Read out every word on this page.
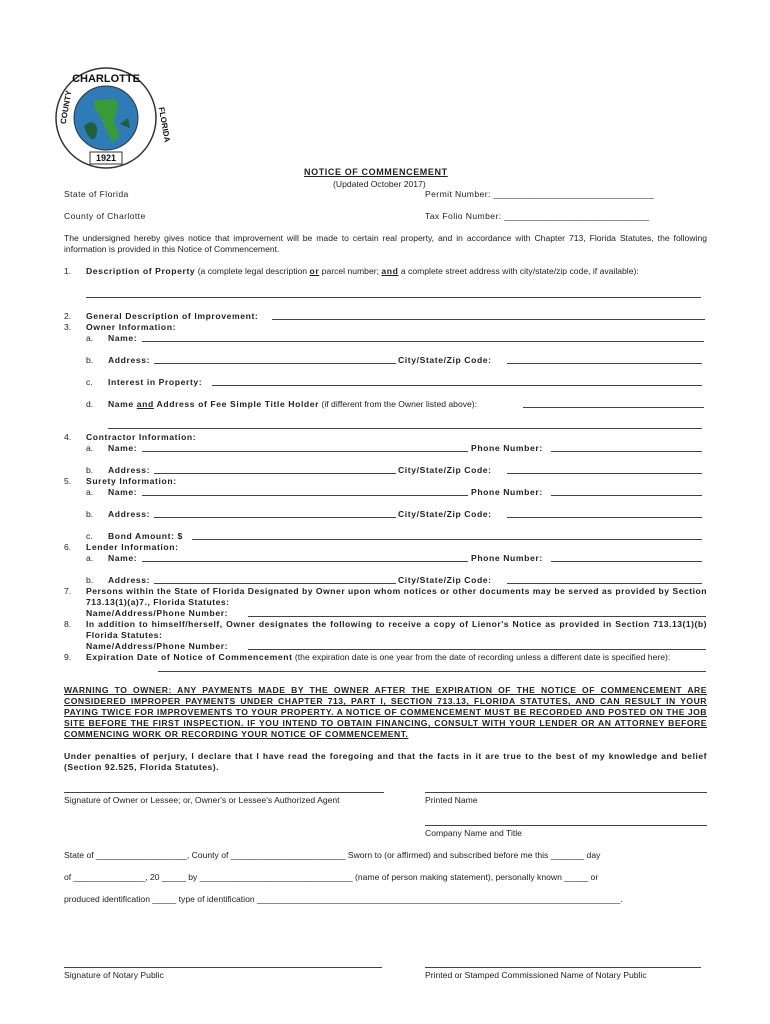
CHARLOTTE
COUNTY	FLORIDA
1921
NOTICE OF COMMENCEMENT
(Updated October 2017)
State of Florida	Permit Number: _______________________________
County of Charlotte	Tax Folio Number: ____________________________
The undersigned hereby gives notice that improvement will be made to certain real property, and in accordance with Chapter 713, Florida Statutes, the following information is provided in this Notice of Commencement.
1. Description of Property (a complete legal description or parcel number; and a complete street address with city/state/zip code, if available):
2. General Description of Improvement:
3. Owner Information:
a. Name:
b. Address:	City/State/Zip Code:
c. Interest in Property:
d. Name and Address of Fee Simple Title Holder (if different from the Owner listed above):
4. Contractor Information:
a. Name:	Phone Number:
b. Address:	City/State/Zip Code:
5. Surety Information:
a. Name:	Phone Number:
b. Address:	City/State/Zip Code:
c. Bond Amount: $
6. Lender Information:
a. Name:	Phone Number:
b. Address:	City/State/Zip Code:
7. Persons within the State of Florida Designated by Owner upon whom notices or other documents may be served as provided by Section 713.13(1)(a)7., Florida Statutes:
Name/Address/Phone Number:
8. In addition to himself/herself, Owner designates the following to receive a copy of Lienor's Notice as provided in Section 713.13(1)(b) Florida Statutes:
Name/Address/Phone Number:
9. Expiration Date of Notice of Commencement (the expiration date is one year from the date of recording unless a different date is specified here):
WARNING TO OWNER: ANY PAYMENTS MADE BY THE OWNER AFTER THE EXPIRATION OF THE NOTICE OF COMMENCEMENT ARE CONSIDERED IMPROPER PAYMENTS UNDER CHAPTER 713, PART I, SECTION 713.13, FLORIDA STATUTES, AND CAN RESULT IN YOUR PAYING TWICE FOR IMPROVEMENTS TO YOUR PROPERTY. A NOTICE OF COMMENCEMENT MUST BE RECORDED AND POSTED ON THE JOB SITE BEFORE THE FIRST INSPECTION. IF YOU INTEND TO OBTAIN FINANCING, CONSULT WITH YOUR LENDER OR AN ATTORNEY BEFORE COMMENCING WORK OR RECORDING YOUR NOTICE OF COMMENCEMENT.
Under penalties of perjury, I declare that I have read the foregoing and that the facts in it are true to the best of my knowledge and belief (Section 92.525, Florida Statutes).
Signature of Owner or Lessee; or, Owner's or Lessee's Authorized Agent	Printed Name
Company Name and Title
State of ___________________, County of ________________________ Sworn to (or affirmed) and subscribed before me this _______ day
of _______________, 20 _____ by ________________________________ (name of person making statement), personally known _____ or
produced identification _____ type of identification ____________________________________________________________________________.
Signature of Notary Public	Printed or Stamped Commissioned Name of Notary Public
